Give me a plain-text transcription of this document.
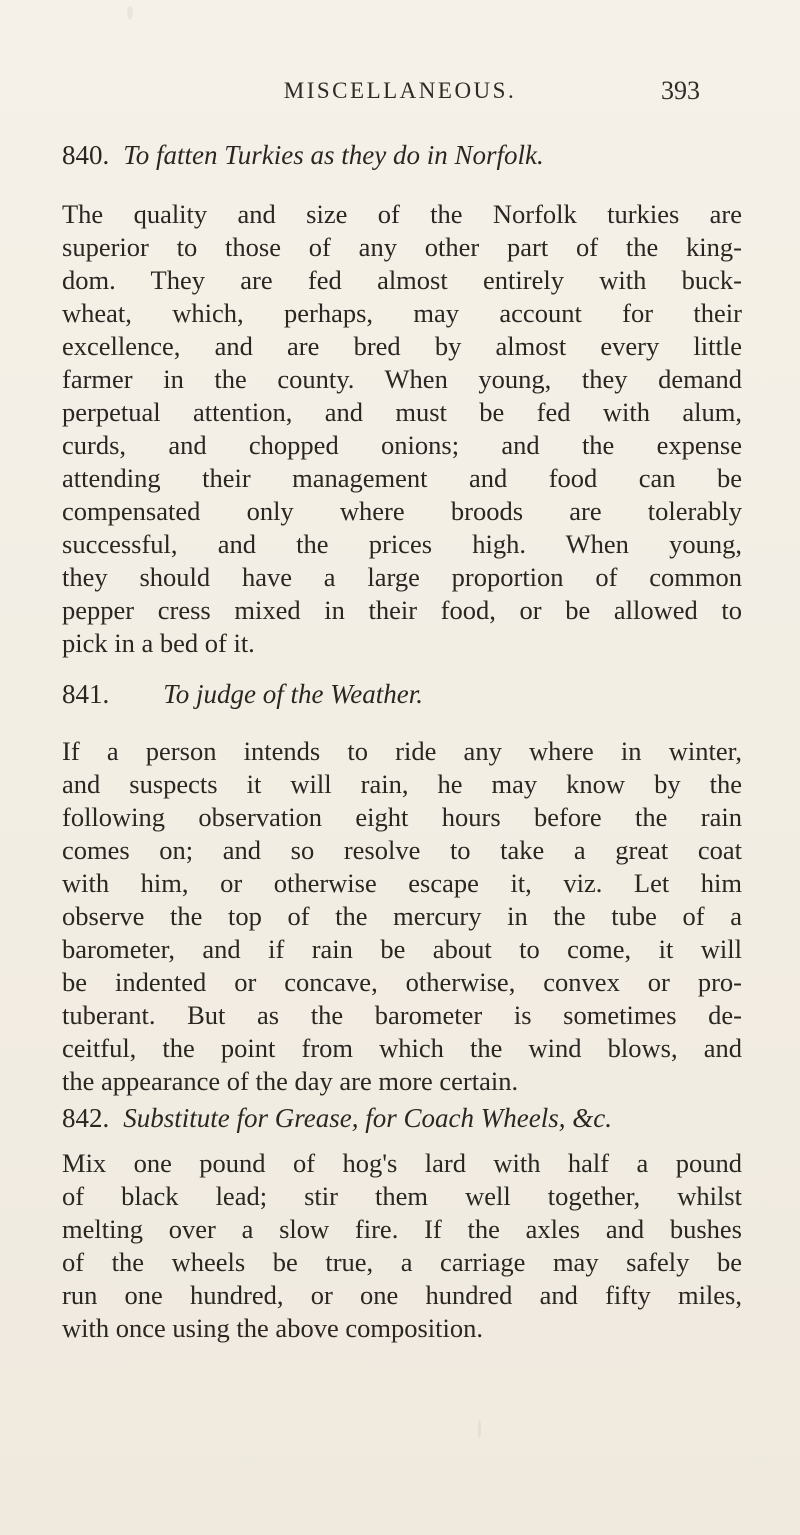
MISCELLANEOUS.	393
840. To fatten Turkies as they do in Norfolk.
The quality and size of the Norfolk turkies are
superior to those of any other part of the king-
dom. They are fed almost entirely with buck-
wheat, which, perhaps, may account for their
excellence, and are bred by almost every little
farmer in the county. When young, they demand
perpetual attention, and must be fed with alum,
curds, and chopped onions; and the expense
attending their management and food can be
compensated only where broods are tolerably
successful, and the prices high. When young,
they should have a large proportion of common
pepper cress mixed in their food, or be allowed to
pick in a bed of it.
841. To judge of the Weather.
If a person intends to ride any where in winter,
and suspects it will rain, he may know by the
following observation eight hours before the rain
comes on; and so resolve to take a great coat
with him, or otherwise escape it, viz. Let him
observe the top of the mercury in the tube of a
barometer, and if rain be about to come, it will
be indented or concave, otherwise, convex or pro-
tuberant. But as the barometer is sometimes de-
ceitful, the point from which the wind blows, and
the appearance of the day are more certain.
842. Substitute for Grease, for Coach Wheels, &c.
Mix one pound of hog's lard with half a pound
of black lead; stir them well together, whilst
melting over a slow fire. If the axles and bushes
of the wheels be true, a carriage may safely be
run one hundred, or one hundred and fifty miles,
with once using the above composition.
